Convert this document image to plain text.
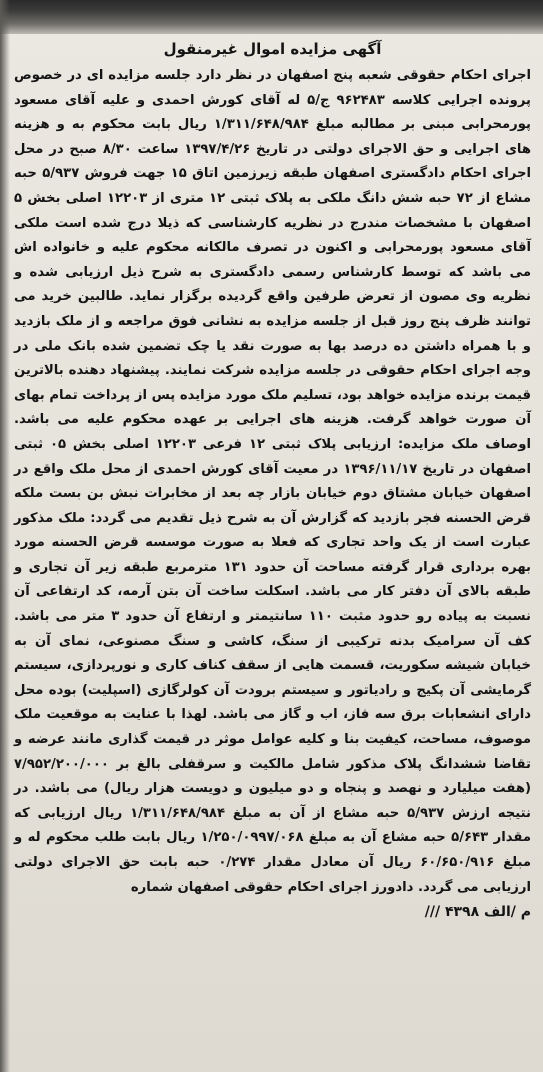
آگهی مزایده اموال غیرمنقول

اجرای احکام حقوقی شعبه پنج اصفهان در نظر دارد جلسه مزایده ای در خصوص پرونده اجرایی کلاسه ۹۶۲۴۸۳ ج/۵ له آقای کورش احمدی و علیه آقای مسعود پورمحرابی مبنی بر مطالبه مبلغ ۱/۳۱۱/۶۴۸/۹۸۴ ریال بابت محکوم به و هزینه های اجرایی و حق الاجرای دولتی در تاریخ ۱۳۹۷/۴/۲۶ ساعت ۸/۳۰ صبح در محل اجرای احکام دادگستری اصفهان طبقه زیرزمین اتاق ۱۵ جهت فروش ۵/۹۳۷ حبه مشاع از ۷۲ حبه شش دانگ ملکی به پلاک ثبتی ۱۲ متری از ۱۲۲۰۳ اصلی بخش ۵ اصفهان با مشخصات مندرج در نظریه کارشناسی که ذیلا درج شده است ملکی آقای مسعود پورمحرابی و اکنون در تصرف مالکانه محکوم علیه و خانواده اش می باشد که توسط کارشناس رسمی دادگستری به شرح ذیل ارزیابی شده و نظریه وی مصون از تعرض طرفین واقع گردیده برگزار نماید. طالبین خرید می توانند ظرف پنج روز قبل از جلسه مزایده به نشانی فوق مراجعه و از ملک بازدید و با همراه داشتن ده درصد بها به صورت نقد یا چک تضمین شده بانک ملی در وجه اجرای احکام حقوقی در جلسه مزایده شرکت نمایند. پیشنهاد دهنده بالاترین قیمت برنده مزایده خواهد بود، تسلیم ملک مورد مزایده پس از پرداخت تمام بهای آن صورت خواهد گرفت. هزینه های اجرایی بر عهده محکوم علیه می باشد. اوصاف ملک مزایده: ارزیابی پلاک ثبتی ۱۲ فرعی ۱۲۲۰۳ اصلی بخش ۰۵ ثبتی اصفهان در تاریخ ۱۳۹۶/۱۱/۱۷ در معیت آقای کورش احمدی از محل ملک واقع در اصفهان خیابان مشتاق دوم خیابان بازار چه بعد از مخابرات نبش بن بست ملکه قرض الحسنه فجر بازدید که گزارش آن به شرح ذیل تقدیم می گردد: ملک مذکور عبارت است از یک واحد تجاری که فعلا به صورت موسسه قرض الحسنه مورد بهره برداری قرار گرفته مساحت آن حدود ۱۳۱ مترمربع طبقه زیر آن تجاری و طبقه بالای آن دفتر کار می باشد. اسکلت ساخت آن بتن آرمه، کد ارتفاعی آن نسبت به پیاده رو حدود مثبت ۱۱۰ سانتیمتر و ارتفاع آن حدود ۳ متر می باشد. کف آن سرامیک بدنه ترکیبی از سنگ، کاشی و سنگ مصنوعی، نمای آن به خیابان شیشه سکوریت، قسمت هایی از سقف کناف کاری و نورپردازی، سیستم گرمایشی آن پکیج و رادیاتور و سیستم برودت آن کولرگازی (اسپلیت) بوده محل دارای انشعابات برق سه فاز، اب و گاز می باشد. لهذا با عنایت به موقعیت ملک موصوف، مساحت، کیفیت بنا و کلیه عوامل موثر در قیمت گذاری مانند عرضه و تقاضا ششدانگ پلاک مذکور شامل مالکیت و سرقفلی بالغ بر ۷/۹۵۲/۲۰۰/۰۰۰ (هفت میلیارد و نهصد و پنجاه و دو میلیون و دویست هزار ریال) می باشد. در نتیجه ارزش ۵/۹۳۷ حبه مشاع از آن به مبلغ ۱/۳۱۱/۶۴۸/۹۸۴ ریال ارزیابی که مقدار ۵/۶۴۳ حبه مشاع آن به مبلغ ۱/۲۵۰/۰۹۹۷/۰۶۸ ریال بابت طلب محکوم له و مبلغ ۶۰/۶۵۰/۹۱۶ ریال آن معادل مقدار ۰/۲۷۴ حبه بابت حق الاجرای دولتی ارزیابی می گردد. دادورز اجرای احکام حقوقی اصفهان شماره

م /الف ۴۳۹۸ ///
